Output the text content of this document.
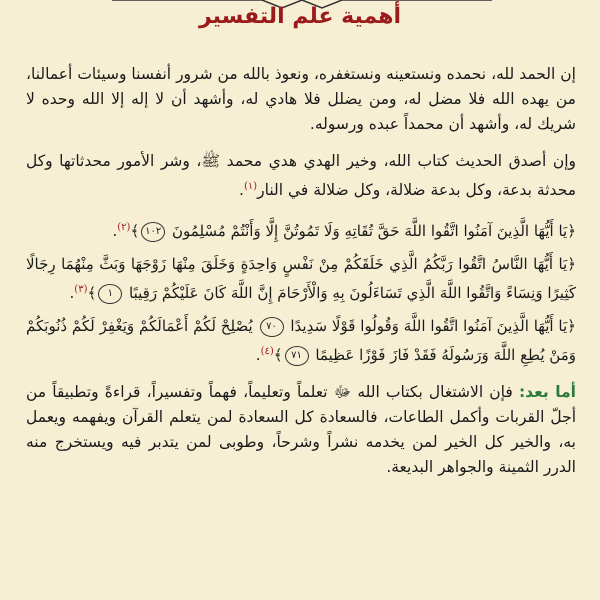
أهمية علم التفسير

إن الحمد لله، نحمده ونستعينه ونستغفره، ونعوذ بالله من شرور أنفسنا وسيئات أعمالنا، من يهده الله فلا مضل له، ومن يضلل فلا هادي له، وأشهد أن لا إله إلا الله وحده لا شريك له، وأشهد أن محمداً عبده ورسوله.

وإن أصدق الحديث كتاب الله، وخير الهدي هدي محمد ﷺ، وشر الأمور محدثاتها وكل محدثة بدعة، وكل بدعة ضلالة، وكل ضلالة في النار$^{(١)}$.

﴿يَا أَيُّهَا الَّذِينَ آمَنُوا اتَّقُوا اللَّهَ حَقَّ تُقَاتِهِ وَلَا تَمُوتُنَّ إِلَّا وَأَنْتُمْ مُسْلِمُونَ ١٠٢﴾$^{(٢)}$.

﴿يَا أَيُّهَا النَّاسُ اتَّقُوا رَبَّكُمُ الَّذِي خَلَقَكُمْ مِنْ نَفْسٍ وَاحِدَةٍ وَخَلَقَ مِنْهَا زَوْجَهَا وَبَثَّ مِنْهُمَا رِجَالًا كَثِيرًا وَنِسَاءً وَاتَّقُوا اللَّهَ الَّذِي تَسَاءَلُونَ بِهِ وَالْأَرْحَامَ إِنَّ اللَّهَ كَانَ عَلَيْكُمْ رَقِيبًا ١﴾$^{(٣)}$.

﴿يَا أَيُّهَا الَّذِينَ آمَنُوا اتَّقُوا اللَّهَ وَقُولُوا قَوْلًا سَدِيدًا ٧٠ يُصْلِحْ لَكُمْ أَعْمَالَكُمْ وَيَغْفِرْ لَكُمْ ذُنُوبَكُمْ وَمَنْ يُطِعِ اللَّهَ وَرَسُولَهُ فَقَدْ فَازَ فَوْزًا عَظِيمًا ٧١﴾$^{(٤)}$.

أما بعد: فإن الاشتغال بكتاب الله ﷻ تعلماً وتعليماً، فهماً وتفسيراً، قراءةً وتطبيقاً من أجلّ القربات وأكمل الطاعات، فالسعادة كل السعادة لمن يتعلم القرآن ويفهمه ويعمل به، والخير كل الخير لمن يخدمه نشراً وشرحاً، وطوبى لمن يتدبر فيه ويستخرج منه الدرر الثمينة والجواهر البديعة.
